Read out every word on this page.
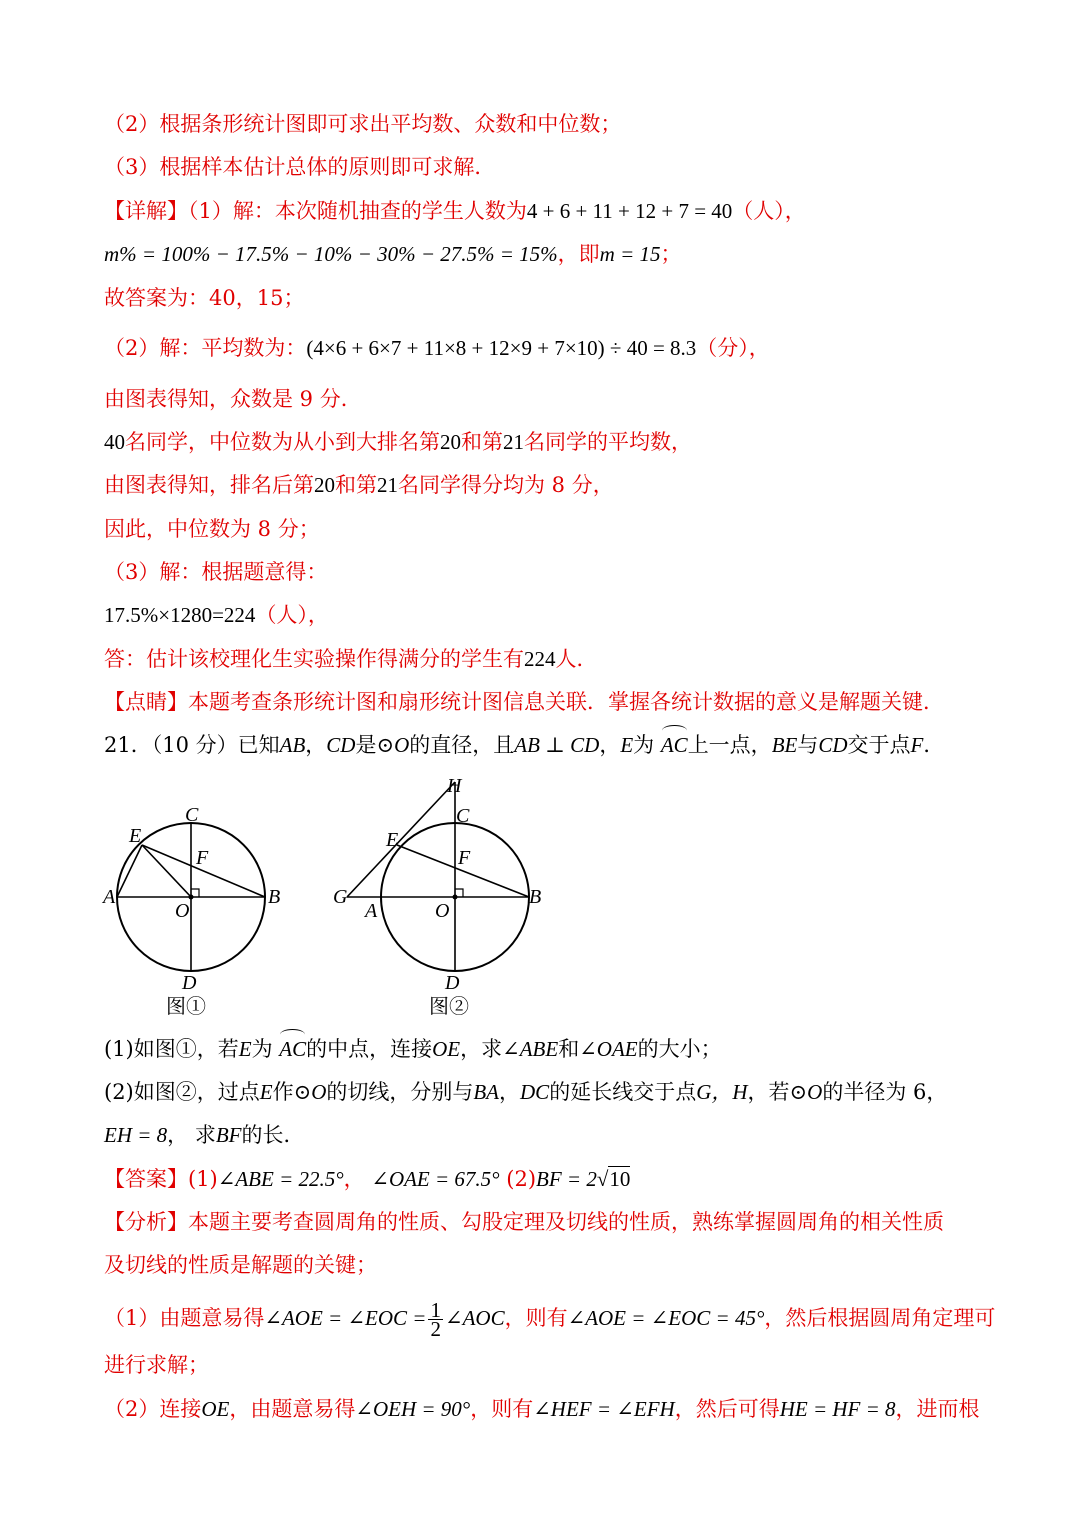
（2）根据条形统计图即可求出平均数、众数和中位数；
（3）根据样本估计总体的原则即可求解．
【详解】（1）解：本次随机抽查的学生人数为4 + 6 + 11 + 12 + 7 = 40（人），
m% = 100% − 17.5% − 10% − 30% − 27.5% = 15%，即m = 15；
故答案为：40，15；
（2）解：平均数为：(4×6 + 6×7 + 11×8 + 12×9 + 7×10) ÷ 40 = 8.3（分），
由图表得知，众数是 9 分．
40名同学，中位数为从小到大排名第20和第21名同学的平均数，
由图表得知，排名后第20和第21名同学得分均为 8 分，
因此，中位数为 8 分；
（3）解：根据题意得：
17.5%×1280=224（人），
答：估计该校理化生实验操作得满分的学生有224人．
【点睛】本题考查条形统计图和扇形统计图信息关联．掌握各统计数据的意义是解题关键．
21．（10 分）已知AB，CD是⊙O的直径，且AB ⊥ CD，E为 AC上一点，BE与CD交于点F．
C
E
F
A	B
O
D
图①
H
C
E
F
G
A
B
O
D
图②
(1)如图①，若E为 AC的中点，连接OE，求∠ABE和∠OAE的大小；
(2)如图②，过点E作⊙O的切线，分别与BA，DC的延长线交于点G，H，若⊙O的半径为 6，
EH = 8， 求BF的长．
【答案】(1)∠ABE = 22.5°， ∠OAE = 67.5° (2)BF = 2√10
【分析】本题主要考查圆周角的性质、勾股定理及切线的性质，熟练掌握圆周角的相关性质
及切线的性质是解题的关键；
（1）由题意易得∠AOE = ∠EOC = $\frac{1}{2}$ ∠AOC，则有∠AOE = ∠EOC = 45°，然后根据圆周角定理可
进行求解；
（2）连接OE，由题意易得∠OEH = 90°，则有∠HEF = ∠EFH，然后可得HE = HF = 8，进而根
